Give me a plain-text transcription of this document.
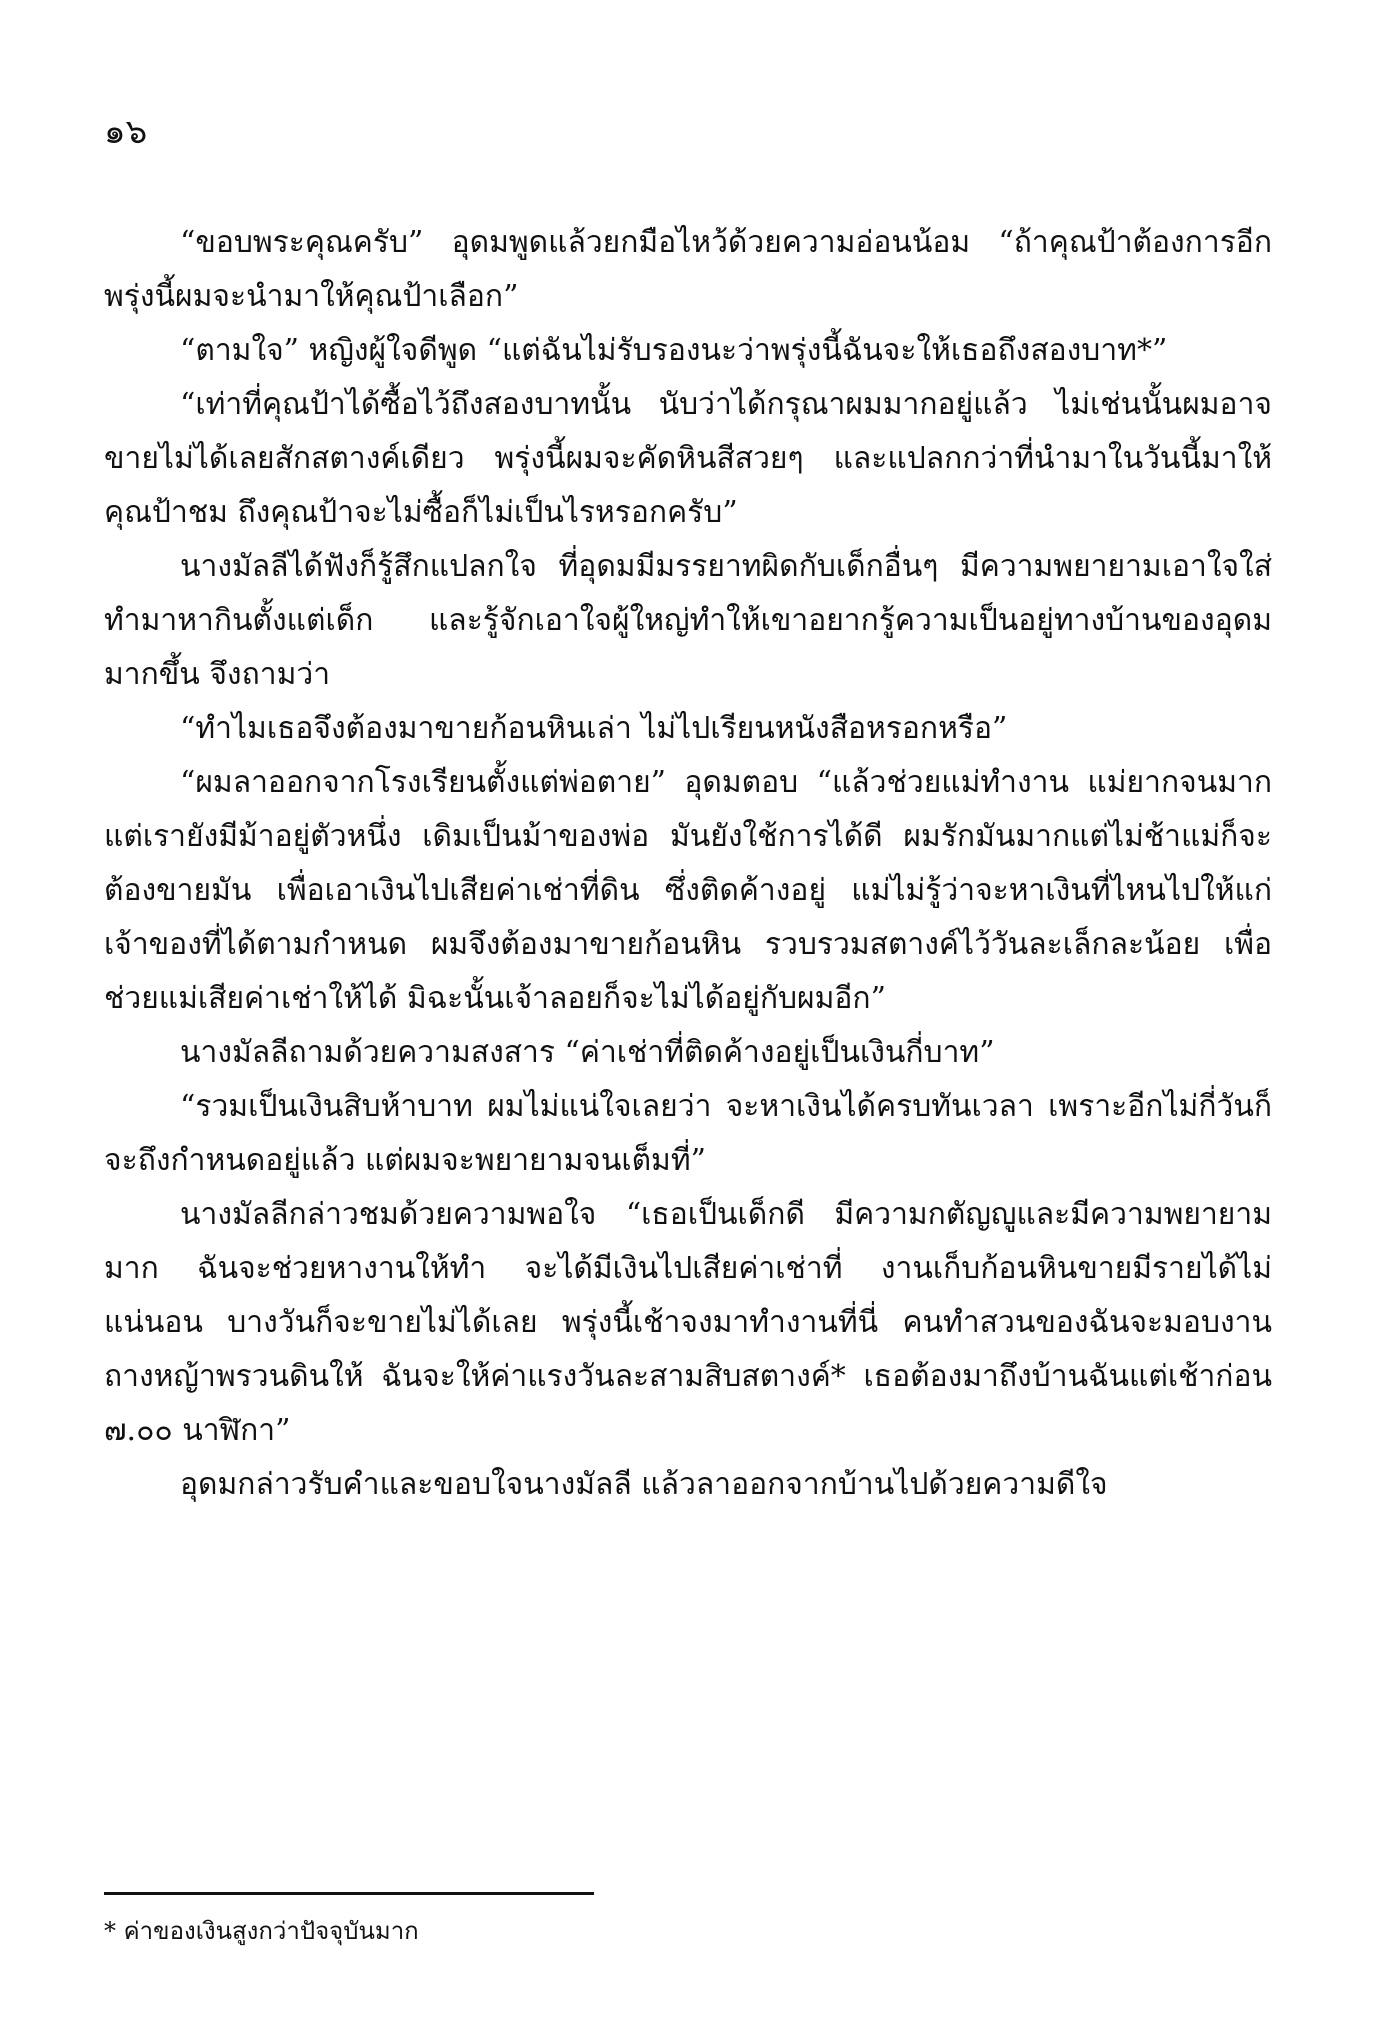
๑๖

“ขอบพระคุณครับ” อุดมพูดแล้วยกมือไหว้ด้วยความอ่อนน้อม “ถ้าคุณป้าต้องการอีกพรุ่งนี้ผมจะนำมาให้คุณป้าเลือก”

“ตามใจ” หญิงผู้ใจดีพูด “แต่ฉันไม่รับรองนะว่าพรุ่งนี้ฉันจะให้เธอถึงสองบาท*”

“เท่าที่คุณป้าได้ซื้อไว้ถึงสองบาทนั้น นับว่าได้กรุณาผมมากอยู่แล้ว ไม่เช่นนั้นผมอาจขายไม่ได้เลยสักสตางค์เดียว พรุ่งนี้ผมจะคัดหินสีสวยๆ และแปลกกว่าที่นำมาในวันนี้มาให้คุณป้าชม ถึงคุณป้าจะไม่ซื้อก็ไม่เป็นไรหรอกครับ”

นางมัลลีได้ฟังก็รู้สึกแปลกใจ ที่อุดมมีมรรยาทผิดกับเด็กอื่นๆ มีความพยายามเอาใจใส่ทำมาหากินตั้งแต่เด็ก และรู้จักเอาใจผู้ใหญ่ทำให้เขาอยากรู้ความเป็นอยู่ทางบ้านของอุดมมากขึ้น จึงถามว่า

“ทำไมเธอจึงต้องมาขายก้อนหินเล่า ไม่ไปเรียนหนังสือหรอกหรือ”

“ผมลาออกจากโรงเรียนตั้งแต่พ่อตาย” อุดมตอบ “แล้วช่วยแม่ทำงาน แม่ยากจนมาก แต่เรายังมีม้าอยู่ตัวหนึ่ง เดิมเป็นม้าของพ่อ มันยังใช้การได้ดี ผมรักมันมากแต่ไม่ช้าแม่ก็จะต้องขายมัน เพื่อเอาเงินไปเสียค่าเช่าที่ดิน ซึ่งติดค้างอยู่ แม่ไม่รู้ว่าจะหาเงินที่ไหนไปให้แก่เจ้าของที่ได้ตามกำหนด ผมจึงต้องมาขายก้อนหิน รวบรวมสตางค์ไว้วันละเล็กละน้อย เพื่อช่วยแม่เสียค่าเช่าให้ได้ มิฉะนั้นเจ้าลอยก็จะไม่ได้อยู่กับผมอีก”

นางมัลลีถามด้วยความสงสาร “ค่าเช่าที่ติดค้างอยู่เป็นเงินกี่บาท”

“รวมเป็นเงินสิบห้าบาท ผมไม่แน่ใจเลยว่า จะหาเงินได้ครบทันเวลา เพราะอีกไม่กี่วันก็จะถึงกำหนดอยู่แล้ว แต่ผมจะพยายามจนเต็มที่”

นางมัลลีกล่าวชมด้วยความพอใจ “เธอเป็นเด็กดี มีความกตัญญูและมีความพยายามมาก ฉันจะช่วยหางานให้ทำ จะได้มีเงินไปเสียค่าเช่าที่ งานเก็บก้อนหินขายมีรายได้ไม่แน่นอน บางวันก็จะขายไม่ได้เลย พรุ่งนี้เช้าจงมาทำงานที่นี่ คนทำสวนของฉันจะมอบงานถางหญ้าพรวนดินให้ ฉันจะให้ค่าแรงวันละสามสิบสตางค์* เธอต้องมาถึงบ้านฉันแต่เช้าก่อน ๗.๐๐ นาฬิกา”

อุดมกล่าวรับคำและขอบใจนางมัลลี แล้วลาออกจากบ้านไปด้วยความดีใจ

* ค่าของเงินสูงกว่าปัจจุบันมาก
